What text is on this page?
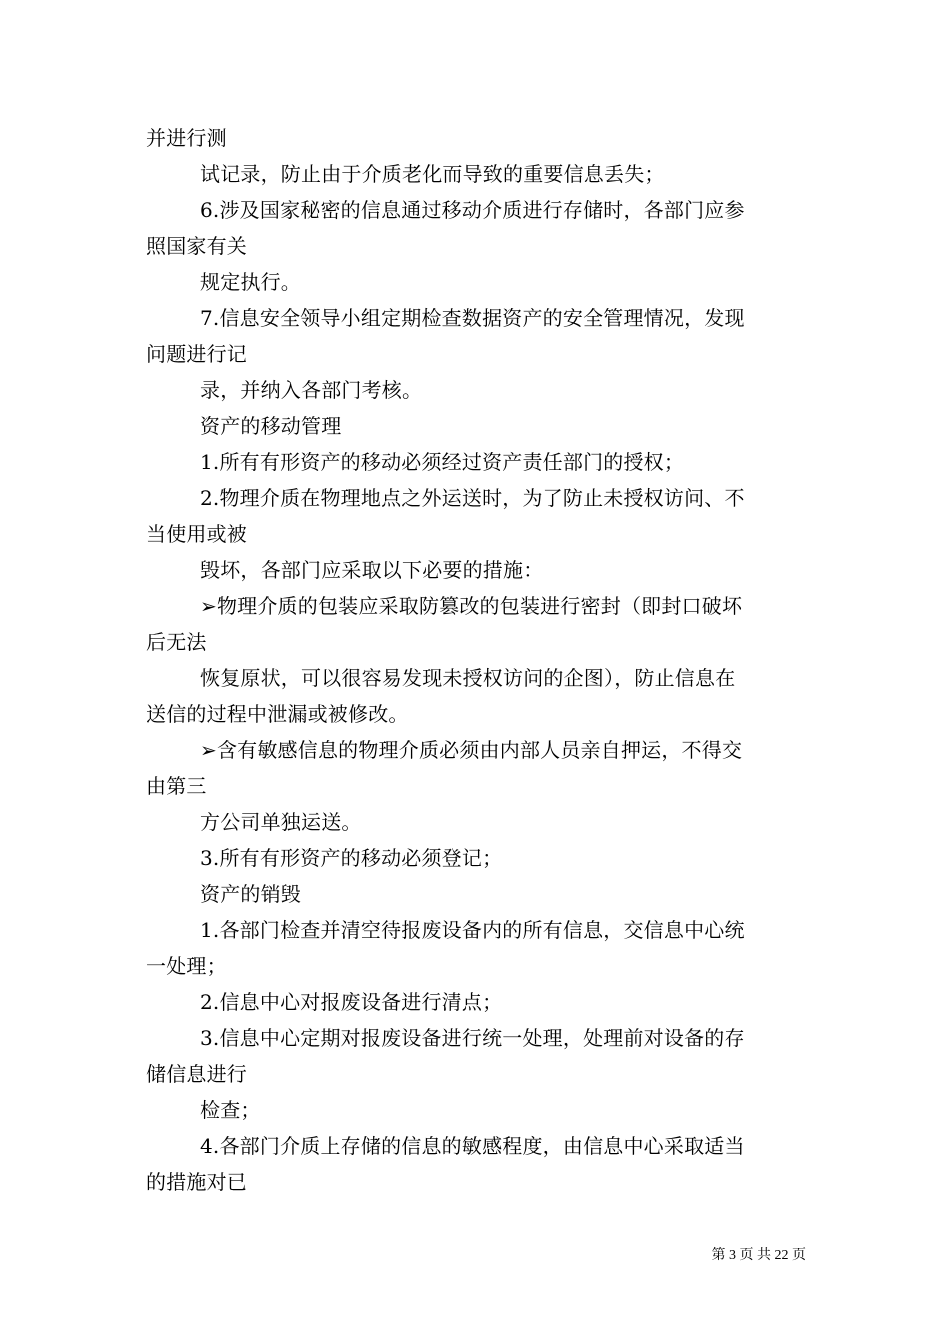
并进行测
试记录，防止由于介质老化而导致的重要信息丢失；
6.涉及国家秘密的信息通过移动介质进行存储时，各部门应参
照国家有关
规定执行。
7.信息安全领导小组定期检查数据资产的安全管理情况，发现
问题进行记
录，并纳入各部门考核。
资产的移动管理
1.所有有形资产的移动必须经过资产责任部门的授权；
2.物理介质在物理地点之外运送时，为了防止未授权访问、不
当使用或被
毁坏，各部门应采取以下必要的措施：
➢物理介质的包装应采取防篡改的包装进行密封（即封口破坏
后无法
恢复原状，可以很容易发现未授权访问的企图），防止信息在
送信的过程中泄漏或被修改。
➢含有敏感信息的物理介质必须由内部人员亲自押运，不得交
由第三
方公司单独运送。
3.所有有形资产的移动必须登记；
资产的销毁
1.各部门检查并清空待报废设备内的所有信息，交信息中心统
一处理；
2.信息中心对报废设备进行清点；
3.信息中心定期对报废设备进行统一处理，处理前对设备的存
储信息进行
检查；
4.各部门介质上存储的信息的敏感程度，由信息中心采取适当
的措施对已
第 3 页 共 22 页
